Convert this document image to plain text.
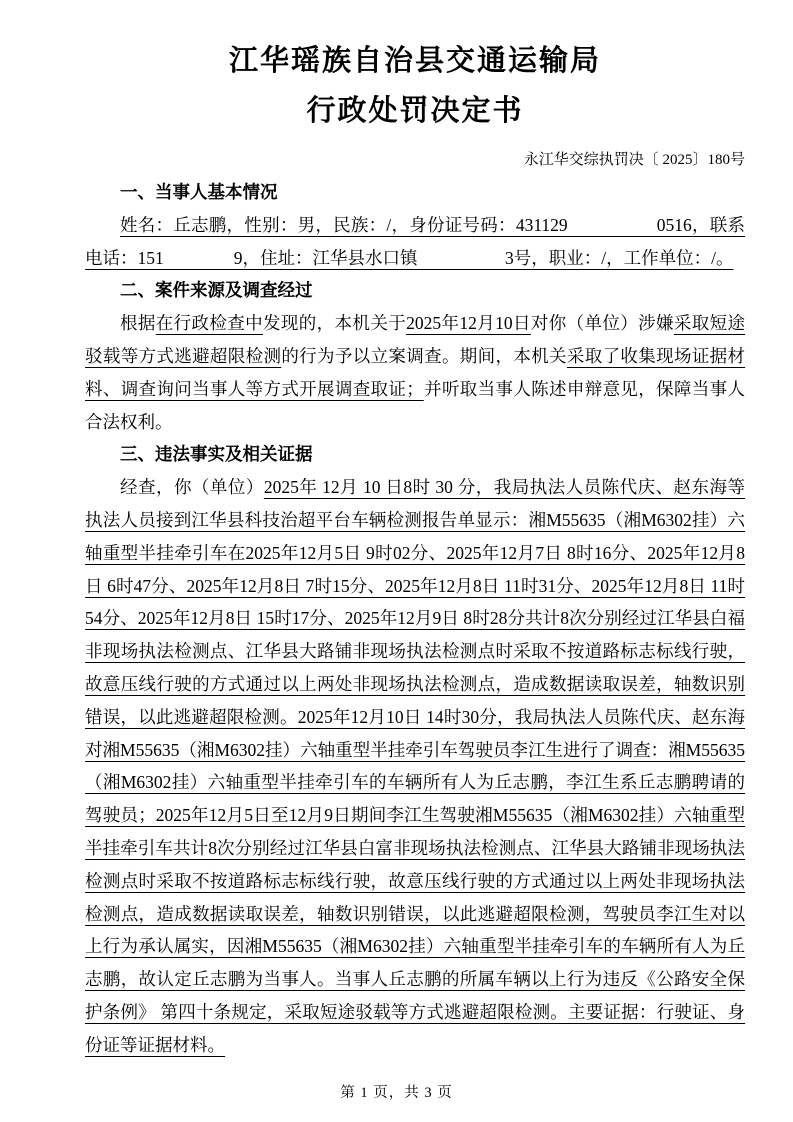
江华瑶族自治县交通运输局
行政处罚决定书
永江华交综执罚决〔 2025〕180号
一、当事人基本情况

姓名：丘志鹏，性别：男，民族：/，身份证号码：431129　　　　　0516，联系电话：151　　　　9，住址：江华县水口镇　　　　　3号，职业：/，工作单位：/。

二、案件来源及调查经过

根据在行政检查中发现的，本机关于2025年12月10日对你（单位）涉嫌采取短途驳载等方式逃避超限检测的行为予以立案调查。期间，本机关采取了收集现场证据材料、调查询问当事人等方式开展调查取证；并听取当事人陈述申辩意见，保障当事人合法权利。

三、违法事实及相关证据

经查，你（单位）2025年 12月 10 日8时 30 分，我局执法人员陈代庆、赵东海等执法人员接到江华县科技治超平台车辆检测报告单显示：湘M55635（湘M6302挂）六轴重型半挂牵引车在2025年12月5日 9时02分、2025年12月7日 8时16分、2025年12月8日 6时47分、2025年12月8日 7时15分、2025年12月8日 11时31分、2025年12月8日 11时54分、2025年12月8日 15时17分、2025年12月9日 8时28分共计8次分别经过江华县白福非现场执法检测点、江华县大路铺非现场执法检测点时采取不按道路标志标线行驶，故意压线行驶的方式通过以上两处非现场执法检测点，造成数据读取误差，轴数识别错误，以此逃避超限检测。2025年12月10日 14时30分，我局执法人员陈代庆、赵东海对湘M55635（湘M6302挂）六轴重型半挂牵引车驾驶员李江生进行了调查：湘M55635（湘M6302挂）六轴重型半挂牵引车的车辆所有人为丘志鹏，李江生系丘志鹏聘请的驾驶员；2025年12月5日至12月9日期间李江生驾驶湘M55635（湘M6302挂）六轴重型半挂牵引车共计8次分别经过江华县白富非现场执法检测点、江华县大路铺非现场执法检测点时采取不按道路标志标线行驶，故意压线行驶的方式通过以上两处非现场执法检测点，造成数据读取误差，轴数识别错误，以此逃避超限检测，驾驶员李江生对以上行为承认属实，因湘M55635（湘M6302挂）六轴重型半挂牵引车的车辆所有人为丘志鹏，故认定丘志鹏为当事人。当事人丘志鹏的所属车辆以上行为违反《公路安全保护条例》 第四十条规定，采取短途驳载等方式逃避超限检测。主要证据：行驶证、身份证等证据材料。

第 1 页，共 3 页
